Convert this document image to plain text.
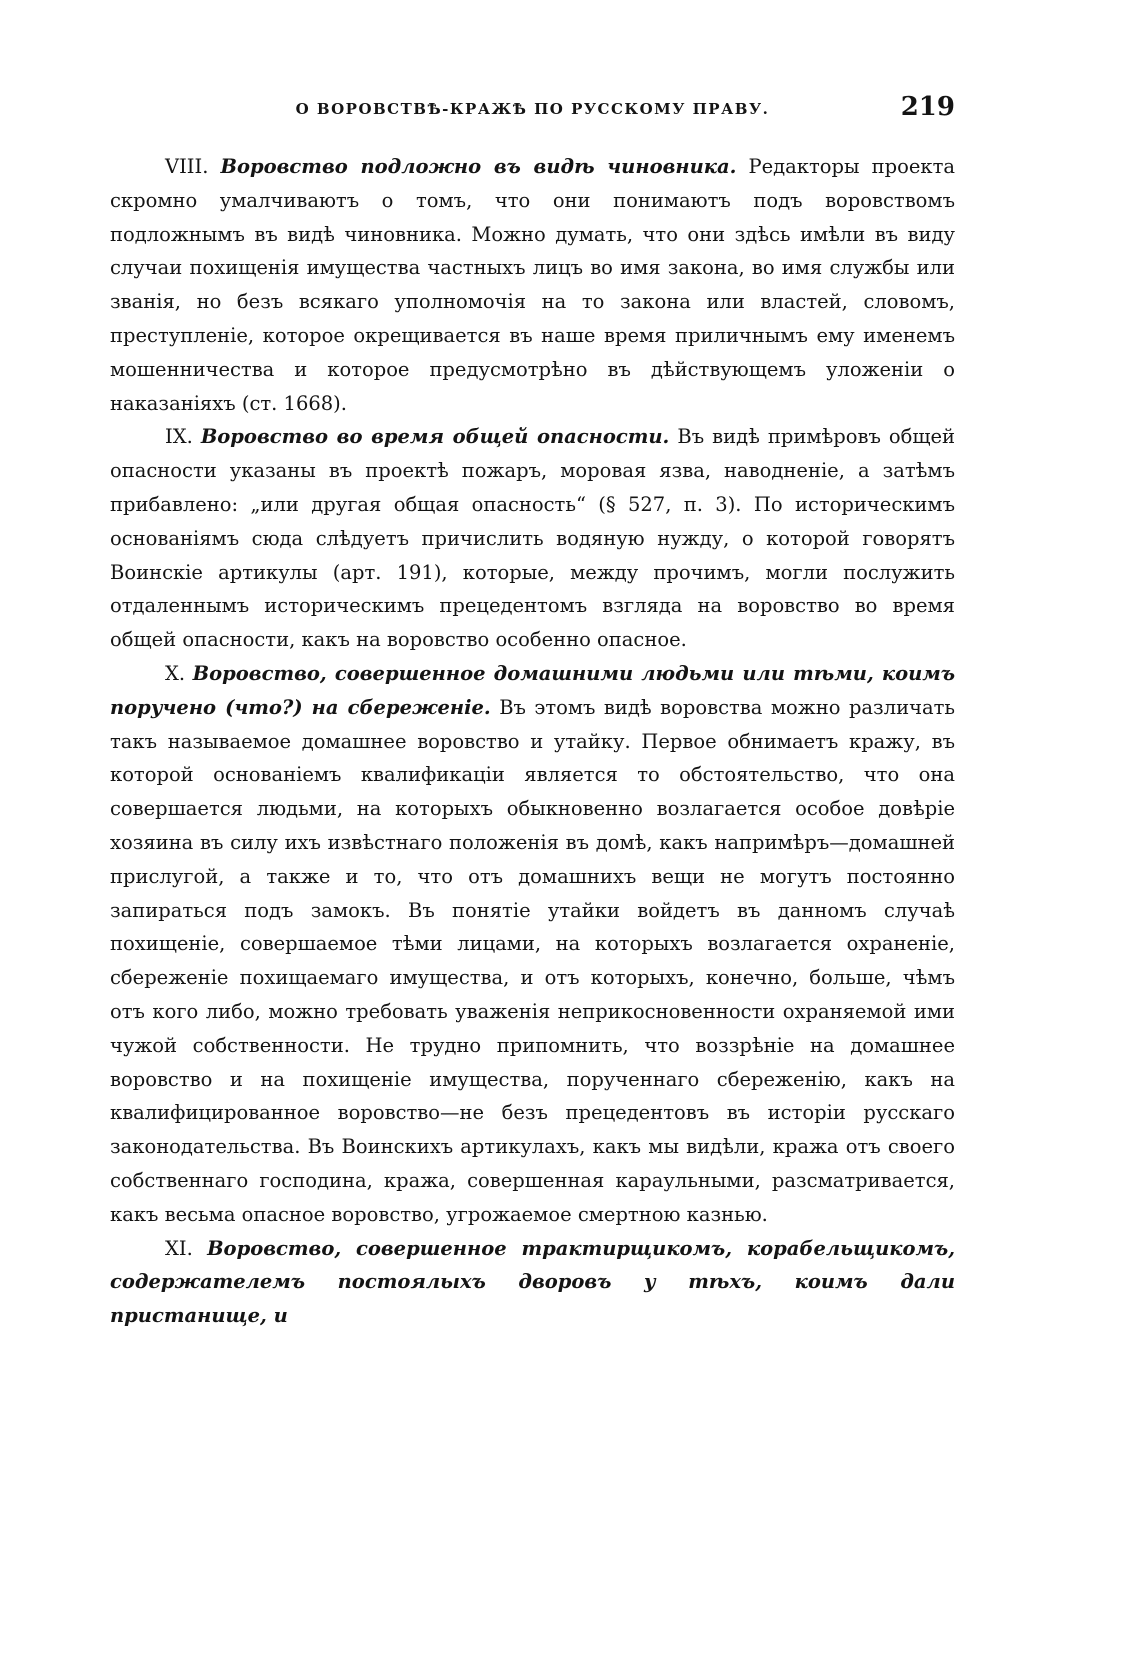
О ВОРОВСТВѢ-КРАЖѢ ПО РУССКОМУ ПРАВУ.	219

VIII. Воровство подложно въ видѣ чиновника. Редакторы проекта скромно умалчиваютъ о томъ, что они понимаютъ подъ воровствомъ подложнымъ въ видѣ чиновника. Можно думать, что они здѣсь имѣли въ виду случаи похищенія имущества частныхъ лицъ во имя закона, во имя службы или званія, но безъ всякаго уполномочія на то закона или властей, словомъ, преступленіе, которое окрещивается въ наше время приличнымъ ему именемъ мошенничества и которое предусмотрѣно въ дѣйствующемъ уложеніи о наказаніяхъ (ст. 1668).

IX. Воровство во время общей опасности. Въ видѣ примѣровъ общей опасности указаны въ проектѣ пожаръ, моровая язва, наводненіе, а затѣмъ прибавлено: „или другая общая опасность“ (§ 527, п. 3). По историческимъ основаніямъ сюда слѣдуетъ причислить водяную нужду, о которой говорятъ Воинскіе артикулы (арт. 191), которые, между прочимъ, могли послужить отдаленнымъ историческимъ прецедентомъ взгляда на воровство во время общей опасности, какъ на воровство особенно опасное.

X. Воровство, совершенное домашними людьми или тѣми, коимъ поручено (что?) на сбереженіе. Въ этомъ видѣ воровства можно различать такъ называемое домашнее воровство и утайку. Первое обнимаетъ кражу, въ которой основаніемъ квалификаціи является то обстоятельство, что она совершается людьми, на которыхъ обыкновенно возлагается особое довѣріе хозяина въ силу ихъ извѣстнаго положенія въ домѣ, какъ напримѣръ—домашней прислугой, а также и то, что отъ домашнихъ вещи не могутъ постоянно запираться подъ замокъ. Въ понятіе утайки войдетъ въ данномъ случаѣ похищеніе, совершаемое тѣми лицами, на которыхъ возлагается охраненіе, сбереженіе похищаемаго имущества, и отъ которыхъ, конечно, больше, чѣмъ отъ кого либо, можно требовать уваженія неприкосновенности охраняемой ими чужой собственности. Не трудно припомнить, что воззрѣніе на домашнее воровство и на похищеніе имущества, порученнаго сбереженію, какъ на квалифицированное воровство—не безъ прецедентовъ въ исторіи русскаго законодательства. Въ Воинскихъ артикулахъ, какъ мы видѣли, кража отъ своего собственнаго господина, кража, совершенная караульными, разсматривается, какъ весьма опасное воровство, угрожаемое смертною казнью.

XI. Воровство, совершенное трактирщикомъ, корабельщикомъ, содержателемъ постоялыхъ дворовъ у тѣхъ, коимъ дали пристанище, и
